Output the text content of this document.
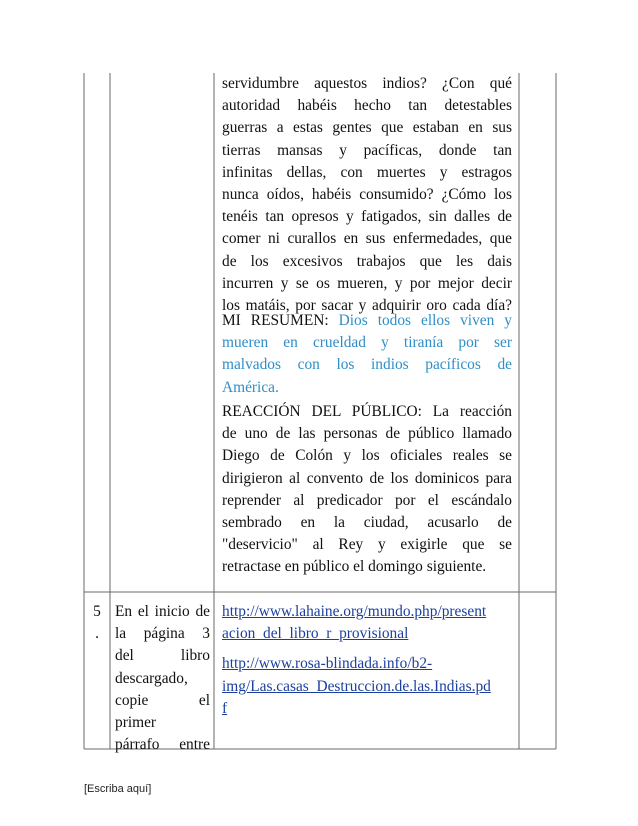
servidumbre aquestos indios? ¿Con qué
autoridad habéis hecho tan detestables
guerras a estas gentes que estaban en sus
tierras mansas y pacíficas, donde tan
infinitas dellas, con muertes y estragos
nunca oídos, habéis consumido? ¿Cómo los
tenéis tan opresos y fatigados, sin dalles de
comer ni curallos en sus enfermedades, que
de los excesivos trabajos que les dais
incurren y se os mueren, y por mejor decir
los matáis, por sacar y adquirir oro cada día?
MI RESUMEN: Dios todos ellos viven y
mueren en crueldad y tiranía por ser
malvados con los indios pacíficos de
América.
REACCIÓN DEL PÚBLICO: La reacción
de uno de las personas de público llamado
Diego de Colón y los oficiales reales se
dirigieron al convento de los dominicos para
reprender al predicador por el escándalo
sembrado en la ciudad, acusarlo de
"deservicio" al Rey y exigirle que se
retractase en público el domingo siguiente.
5
.
En el inicio de
la página 3
del libro
descargado,
copie el
primer
párrafo entre
http://www.lahaine.org/mundo.php/present
acion_del_libro_r_provisional
http://www.rosa-blindada.info/b2-
img/Las.casas_Destruccion.de.las.Indias.pd
f
[Escriba aquí]
